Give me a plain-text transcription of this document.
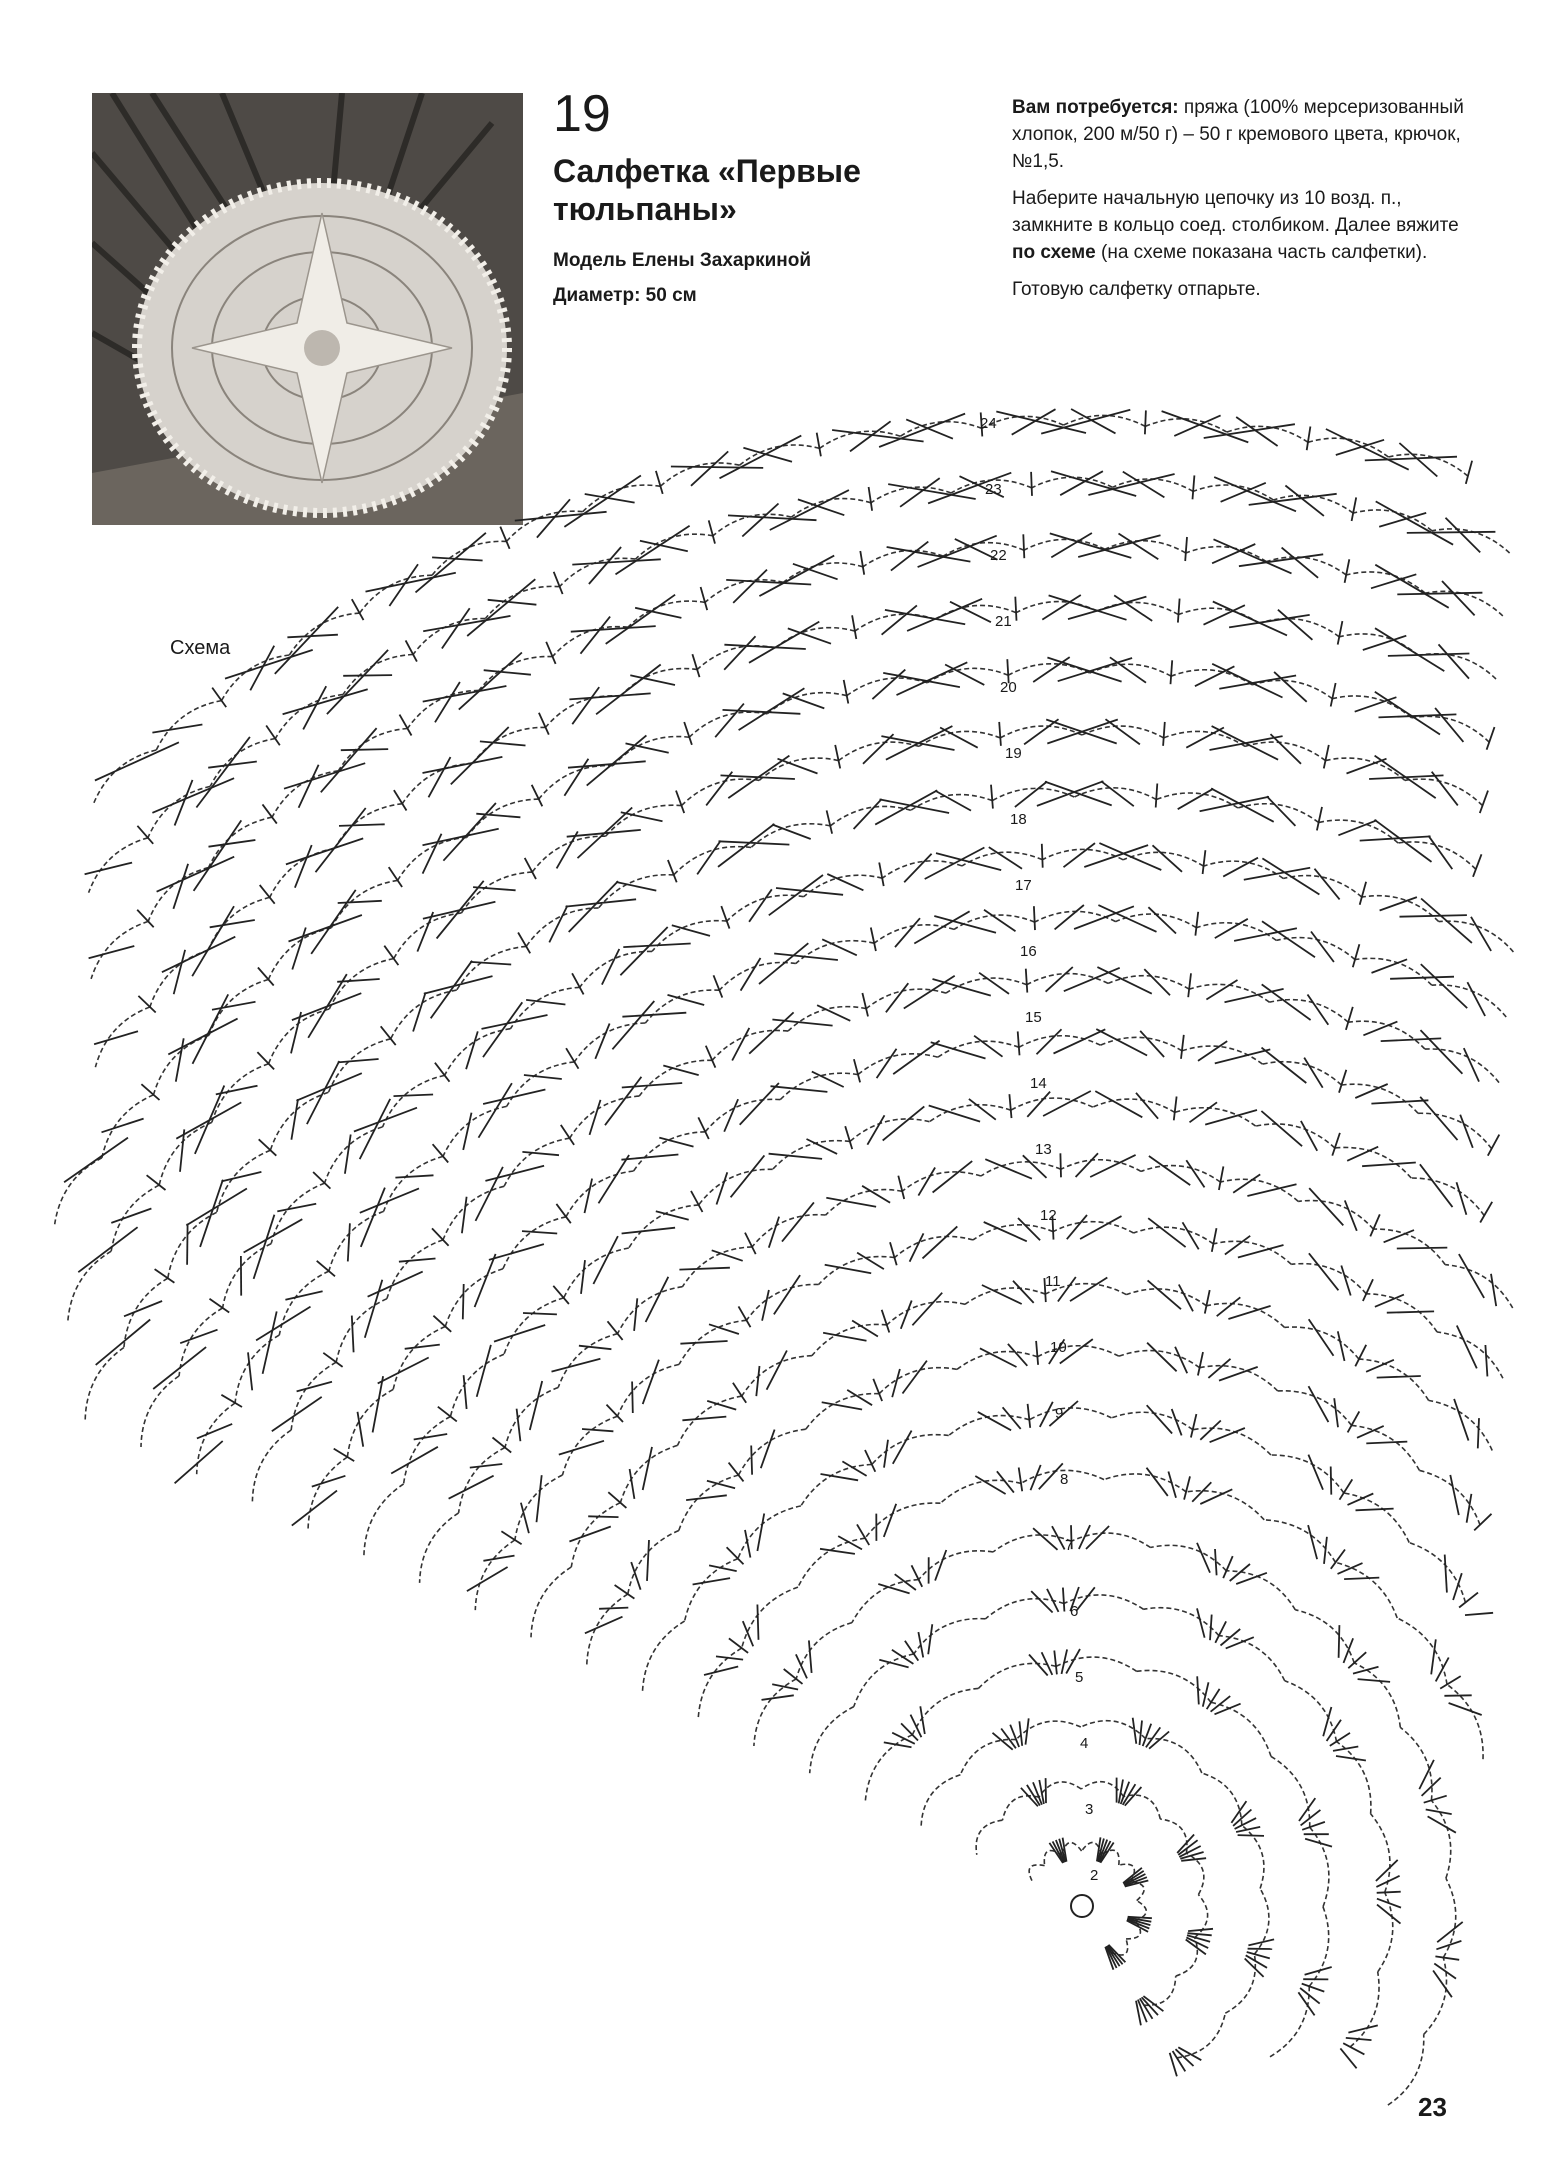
19
Салфетка «Первые тюльпаны»
Модель Елены Захаркиной
Диаметр: 50 см

Вам потребуется: пряжа (100% мерсеризованный хлопок, 200 м/50 г) – 50 г кремового цвета, крючок, №1,5.

Наберите начальную цепочку из 10 возд. п., замкните в кольцо соед. столбиком. Далее вяжите по схеме (на схеме показана часть салфетки).

Готовую салфетку отпарьте.

Схема
2
3
4
5
6
7
8
9
10
11
12
13
14
15
16
17
18
19
20
21
22
23
24
23
